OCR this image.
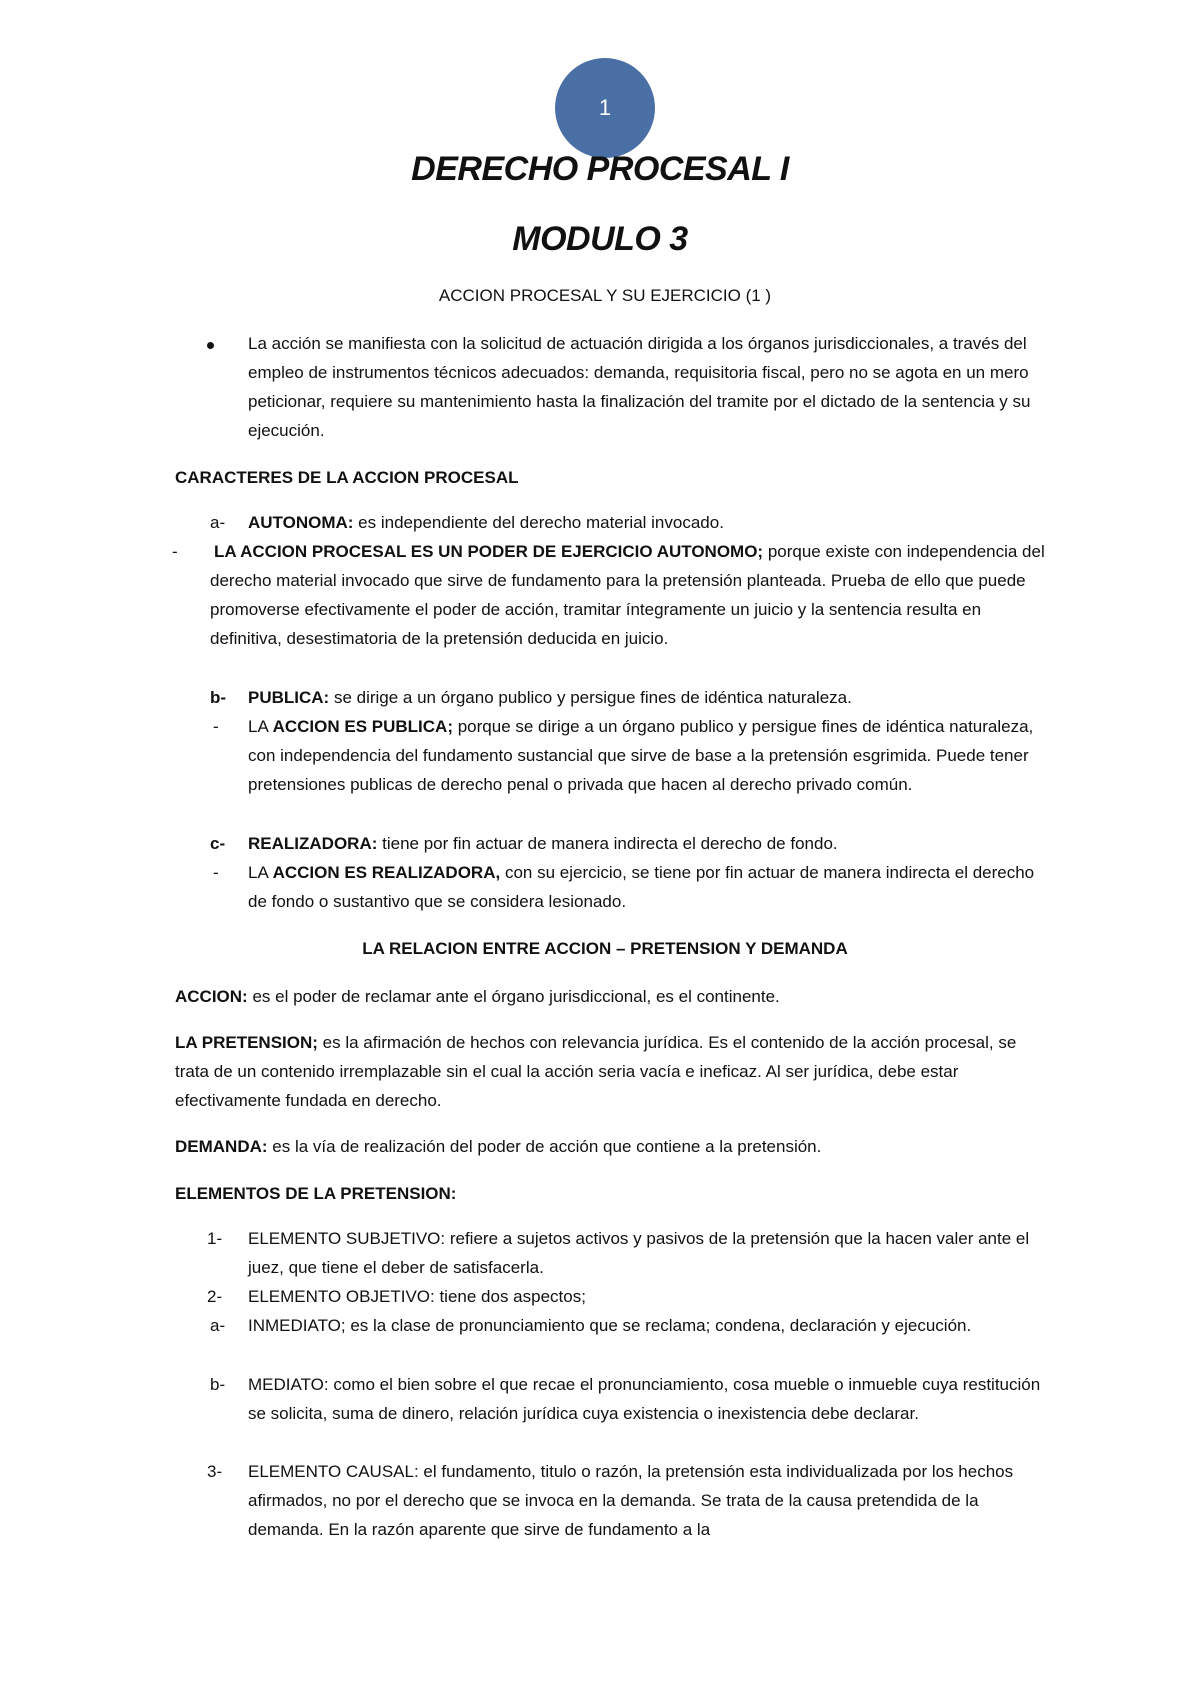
1
DERECHO PROCESAL I
MODULO 3
ACCION PROCESAL Y SU EJERCICIO (1 )
La acción se manifiesta con la solicitud de actuación dirigida a los órganos jurisdiccionales, a través del empleo de instrumentos técnicos adecuados: demanda, requisitoria fiscal, pero no se agota en un mero peticionar, requiere su mantenimiento hasta la finalización del tramite por el dictado de la sentencia y su ejecución.
CARACTERES DE LA ACCION PROCESAL
a- AUTONOMA: es independiente del derecho material invocado.
- LA ACCION PROCESAL ES UN PODER DE EJERCICIO AUTONOMO; porque existe con independencia del derecho material invocado que sirve de fundamento para la pretensión planteada. Prueba de ello que puede promoverse efectivamente el poder de acción, tramitar íntegramente un juicio y la sentencia resulta en definitiva, desestimatoria de la pretensión deducida en juicio.
b- PUBLICA: se dirige a un órgano publico y persigue fines de idéntica naturaleza.
- LA ACCION ES PUBLICA; porque se dirige a un órgano publico y persigue fines de idéntica naturaleza, con independencia del fundamento sustancial que sirve de base a la pretensión esgrimida. Puede tener pretensiones publicas de derecho penal o privada que hacen al derecho privado común.
c- REALIZADORA: tiene por fin actuar de manera indirecta el derecho de fondo.
- LA ACCION ES REALIZADORA, con su ejercicio, se tiene por fin actuar de manera indirecta el derecho de fondo o sustantivo que se considera lesionado.
LA RELACION ENTRE ACCION – PRETENSION Y DEMANDA
ACCION: es el poder de reclamar ante el órgano jurisdiccional, es el continente.
LA PRETENSION; es la afirmación de hechos con relevancia jurídica. Es el contenido de la acción procesal, se trata de un contenido irremplazable sin el cual la acción seria vacía e ineficaz. Al ser jurídica, debe estar efectivamente fundada en derecho.
DEMANDA: es la vía de realización del poder de acción que contiene a la pretensión.
ELEMENTOS DE LA PRETENSION:
1- ELEMENTO SUBJETIVO: refiere a sujetos activos y pasivos de la pretensión que la hacen valer ante el juez, que tiene el deber de satisfacerla.
2- ELEMENTO OBJETIVO: tiene dos aspectos;
a- INMEDIATO; es la clase de pronunciamiento que se reclama; condena, declaración y ejecución.
b- MEDIATO: como el bien sobre el que recae el pronunciamiento, cosa mueble o inmueble cuya restitución se solicita, suma de dinero, relación jurídica cuya existencia o inexistencia debe declarar.
3- ELEMENTO CAUSAL: el fundamento, titulo o razón, la pretensión esta individualizada por los hechos afirmados, no por el derecho que se invoca en la demanda. Se trata de la causa pretendida de la demanda. En la razón aparente que sirve de fundamento a la
